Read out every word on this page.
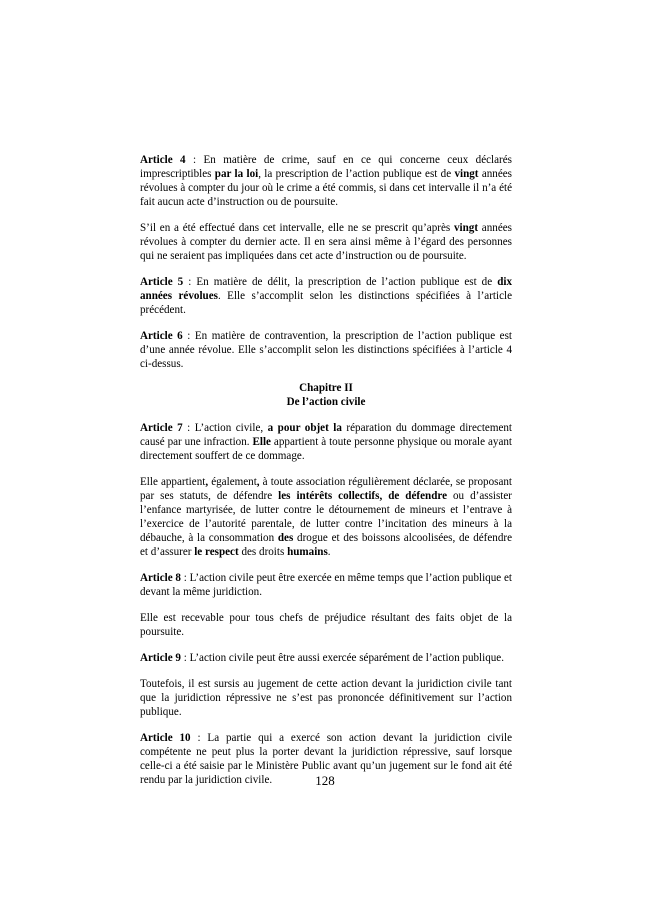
Article 4 : En matière de crime, sauf en ce qui concerne ceux déclarés imprescriptibles par la loi, la prescription de l’action publique est de vingt années révolues à compter du jour où le crime a été commis, si dans cet intervalle il n’a été fait aucun acte d’instruction ou de poursuite.

S’il en a été effectué dans cet intervalle, elle ne se prescrit qu’après vingt années révolues à compter du dernier acte. Il en sera ainsi même à l’égard des personnes qui ne seraient pas impliquées dans cet acte d’instruction ou de poursuite.

Article 5 : En matière de délit, la prescription de l’action publique est de dix années révolues. Elle s’accomplit selon les distinctions spécifiées à l’article précédent.

Article 6 : En matière de contravention, la prescription de l’action publique est d’une année révolue. Elle s’accomplit selon les distinctions spécifiées à l’article 4 ci-dessus.

Chapitre II
De l’action civile

Article 7 : L’action civile, a pour objet la réparation du dommage directement causé par une infraction. Elle appartient à toute personne physique ou morale ayant directement souffert de ce dommage.

Elle appartient, également, à toute association régulièrement déclarée, se proposant par ses statuts, de défendre les intérêts collectifs, de défendre ou d’assister l’enfance martyrisée, de lutter contre le détournement de mineurs et l’entrave à l’exercice de l’autorité parentale, de lutter contre l’incitation des mineurs à la débauche, à la consommation des drogue et des boissons alcoolisées, de défendre et d’assurer le respect des droits humains.

Article 8 : L’action civile peut être exercée en même temps que l’action publique et devant la même juridiction.

Elle est recevable pour tous chefs de préjudice résultant des faits objet de la poursuite.

Article 9 : L’action civile peut être aussi exercée séparément de l’action publique.

Toutefois, il est sursis au jugement de cette action devant la juridiction civile tant que la juridiction répressive ne s’est pas prononcée définitivement sur l’action publique.

Article 10 : La partie qui a exercé son action devant la juridiction civile compétente ne peut plus la porter devant la juridiction répressive, sauf lorsque celle-ci a été saisie par le Ministère Public avant qu’un jugement sur le fond ait été rendu par la juridiction civile.	128
